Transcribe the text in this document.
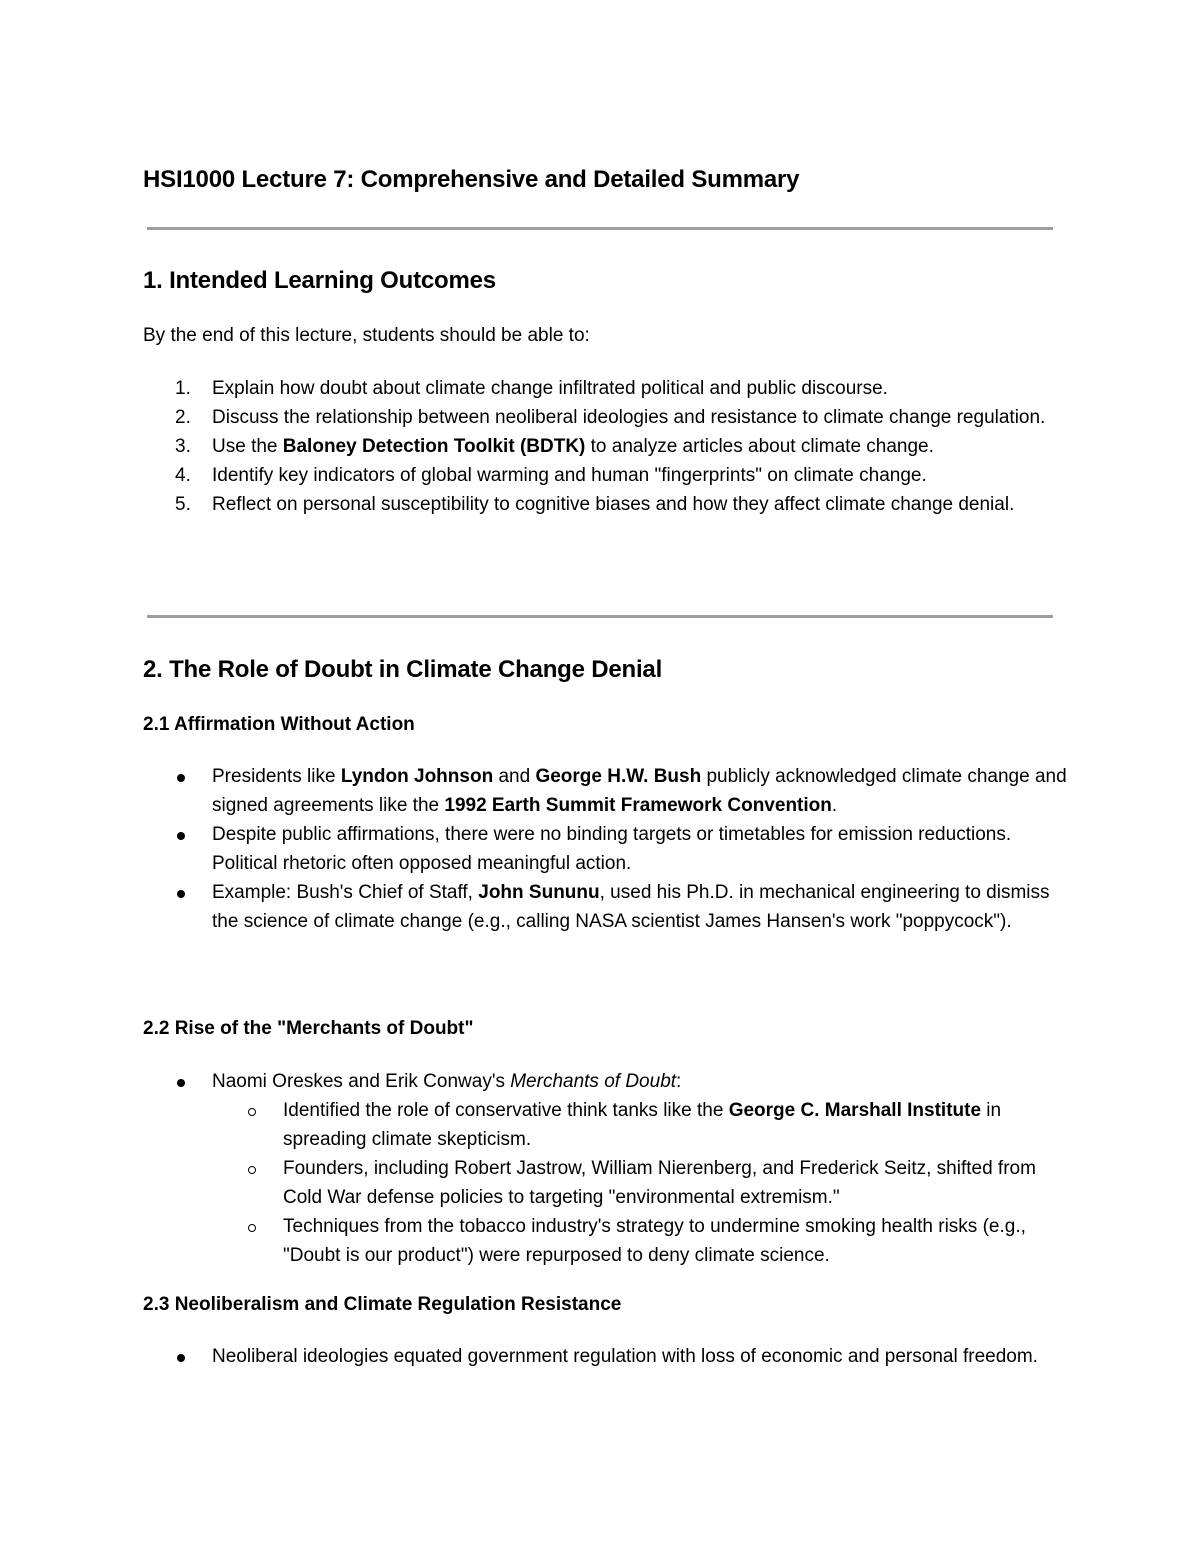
HSI1000 Lecture 7: Comprehensive and Detailed Summary
1. Intended Learning Outcomes

By the end of this lecture, students should be able to:

1. Explain how doubt about climate change infiltrated political and public discourse.
2. Discuss the relationship between neoliberal ideologies and resistance to climate change regulation.
3. Use the Baloney Detection Toolkit (BDTK) to analyze articles about climate change.
4. Identify key indicators of global warming and human "fingerprints" on climate change.
5. Reflect on personal susceptibility to cognitive biases and how they affect climate change denial.
2. The Role of Doubt in Climate Change Denial
2.1 Affirmation Without Action
Presidents like Lyndon Johnson and George H.W. Bush publicly acknowledged climate change and signed agreements like the 1992 Earth Summit Framework Convention.
Despite public affirmations, there were no binding targets or timetables for emission reductions. Political rhetoric often opposed meaningful action.
Example: Bush's Chief of Staff, John Sununu, used his Ph.D. in mechanical engineering to dismiss the science of climate change (e.g., calling NASA scientist James Hansen's work "poppycock").
2.2 Rise of the "Merchants of Doubt"
Naomi Oreskes and Erik Conway's Merchants of Doubt:
Identified the role of conservative think tanks like the George C. Marshall Institute in spreading climate skepticism.
Founders, including Robert Jastrow, William Nierenberg, and Frederick Seitz, shifted from Cold War defense policies to targeting "environmental extremism."
Techniques from the tobacco industry's strategy to undermine smoking health risks (e.g., "Doubt is our product") were repurposed to deny climate science.
2.3 Neoliberalism and Climate Regulation Resistance
Neoliberal ideologies equated government regulation with loss of economic and personal freedom.
